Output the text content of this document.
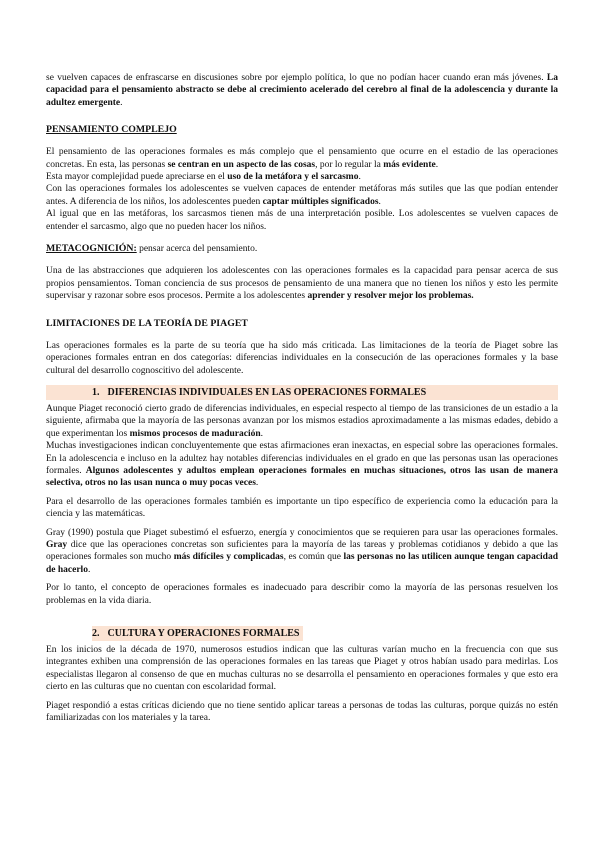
se vuelven capaces de enfrascarse en discusiones sobre por ejemplo política, lo que no podían hacer cuando eran más jóvenes. La capacidad para el pensamiento abstracto se debe al crecimiento acelerado del cerebro al final de la adolescencia y durante la adultez emergente.

PENSAMIENTO COMPLEJO

El pensamiento de las operaciones formales es más complejo que el pensamiento que ocurre en el estadio de las operaciones concretas. En esta, las personas se centran en un aspecto de las cosas, por lo regular la más evidente.

Esta mayor complejidad puede apreciarse en el uso de la metáfora y el sarcasmo.

Con las operaciones formales los adolescentes se vuelven capaces de entender metáforas más sutiles que las que podían entender antes. A diferencia de los niños, los adolescentes pueden captar múltiples significados.

Al igual que en las metáforas, los sarcasmos tienen más de una interpretación posible. Los adolescentes se vuelven capaces de entender el sarcasmo, algo que no pueden hacer los niños.

METACOGNICIÓN: pensar acerca del pensamiento.

Una de las abstracciones que adquieren los adolescentes con las operaciones formales es la capacidad para pensar acerca de sus propios pensamientos. Toman conciencia de sus procesos de pensamiento de una manera que no tienen los niños y esto les permite supervisar y razonar sobre esos procesos. Permite a los adolescentes aprender y resolver mejor los problemas.

LIMITACIONES DE LA TEORÍA DE PIAGET

Las operaciones formales es la parte de su teoría que ha sido más criticada. Las limitaciones de la teoría de Piaget sobre las operaciones formales entran en dos categorías: diferencias individuales en la consecución de las operaciones formales y la base cultural del desarrollo cognoscitivo del adolescente.

1. DIFERENCIAS INDIVIDUALES EN LAS OPERACIONES FORMALES

Aunque Piaget reconoció cierto grado de diferencias individuales, en especial respecto al tiempo de las transiciones de un estadio a la siguiente, afirmaba que la mayoría de las personas avanzan por los mismos estadios aproximadamente a las mismas edades, debido a que experimentan los mismos procesos de maduración.

Muchas investigaciones indican concluyentemente que estas afirmaciones eran inexactas, en especial sobre las operaciones formales. En la adolescencia e incluso en la adultez hay notables diferencias individuales en el grado en que las personas usan las operaciones formales. Algunos adolescentes y adultos emplean operaciones formales en muchas situaciones, otros las usan de manera selectiva, otros no las usan nunca o muy pocas veces.

Para el desarrollo de las operaciones formales también es importante un tipo específico de experiencia como la educación para la ciencia y las matemáticas.

Gray (1990) postula que Piaget subestimó el esfuerzo, energía y conocimientos que se requieren para usar las operaciones formales. Gray dice que las operaciones concretas son suficientes para la mayoría de las tareas y problemas cotidianos y debido a que las operaciones formales son mucho más difíciles y complicadas, es común que las personas no las utilicen aunque tengan capacidad de hacerlo.

Por lo tanto, el concepto de operaciones formales es inadecuado para describir como la mayoría de las personas resuelven los problemas en la vida diaria.

2. CULTURA Y OPERACIONES FORMALES

En los inicios de la década de 1970, numerosos estudios indican que las culturas varían mucho en la frecuencia con que sus integrantes exhiben una comprensión de las operaciones formales en las tareas que Piaget y otros habían usado para medirlas. Los especialistas llegaron al consenso de que en muchas culturas no se desarrolla el pensamiento en operaciones formales y que esto era cierto en las culturas que no cuentan con escolaridad formal.

Piaget respondió a estas críticas diciendo que no tiene sentido aplicar tareas a personas de todas las culturas, porque quizás no estén familiarizadas con los materiales y la tarea.
